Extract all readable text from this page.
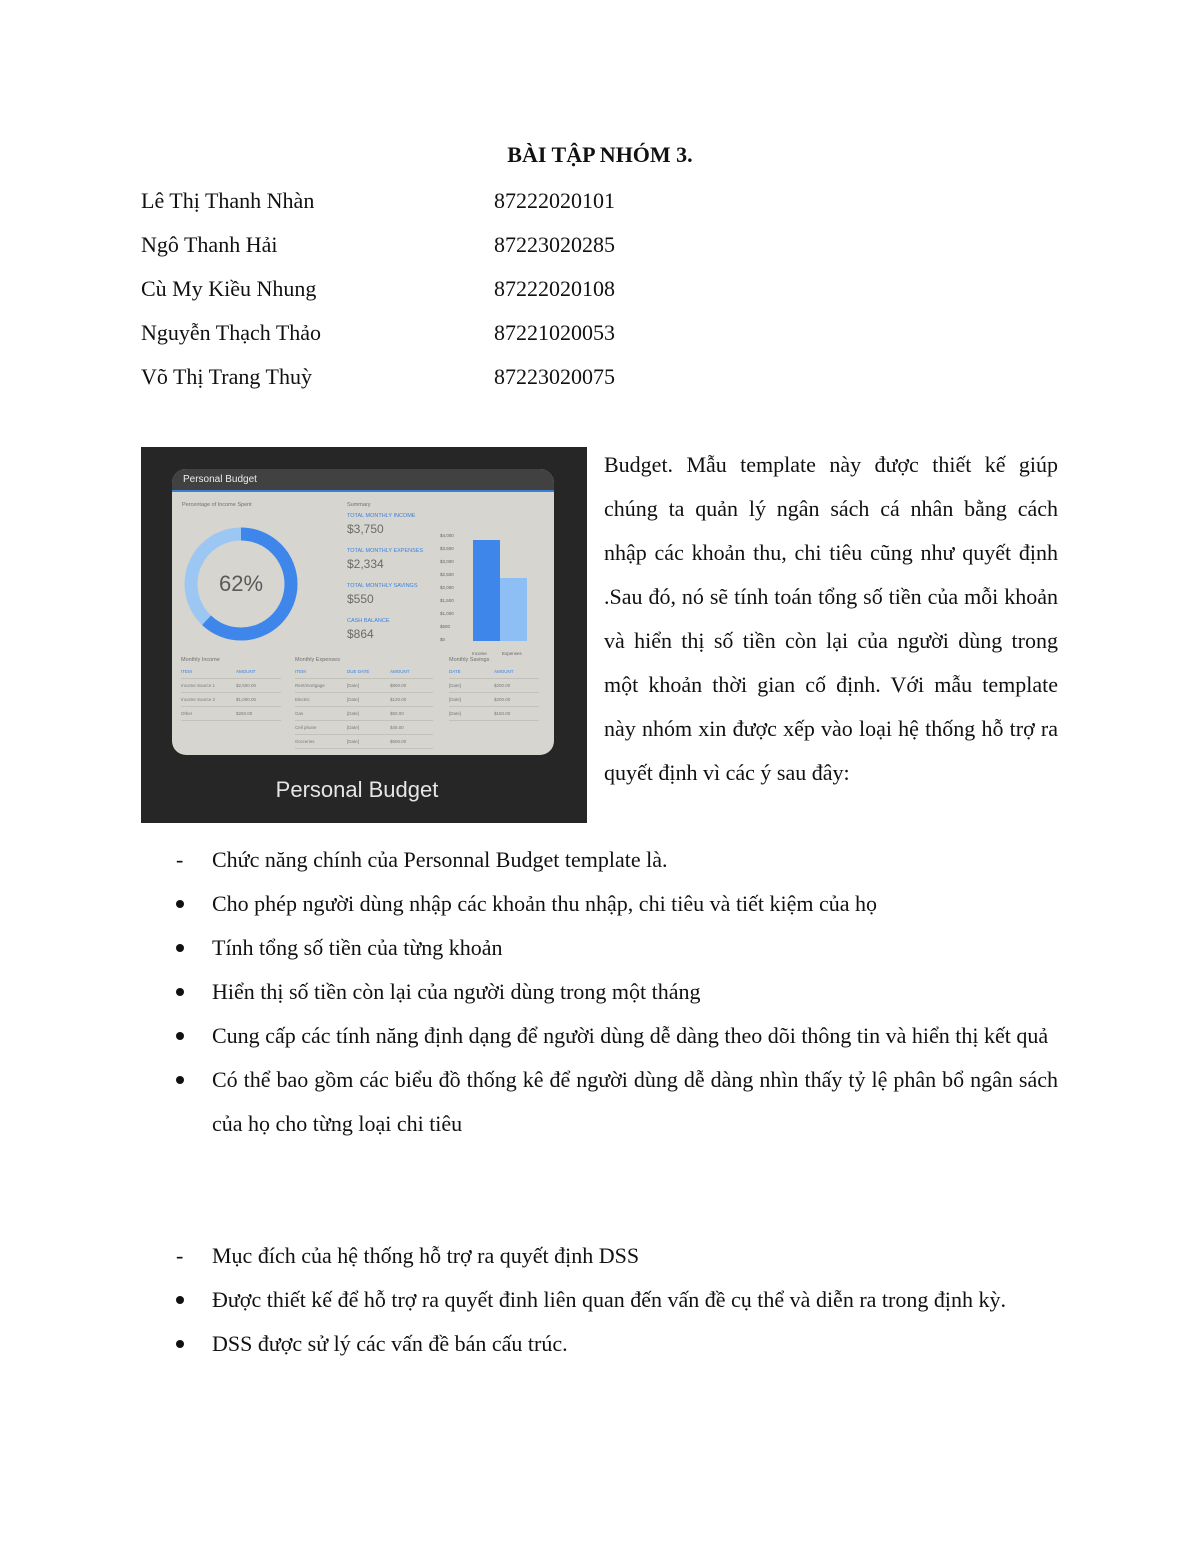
BÀI TẬP NHÓM 3.
Lê Thị Thanh Nhàn	87222020101
Ngô Thanh Hải	87223020285
Cù My Kiều Nhung	87222020108
Nguyễn Thạch Thảo	87221020053
Võ Thị Trang Thuỳ	87223020075
Personal Budget
Percentage of Income Spent
62%
Summary
TOTAL MONTHLY INCOME
$3,750
TOTAL MONTHLY EXPENSES
$2,334
TOTAL MONTHLY SAVINGS
$550
CASH BALANCE
$864
$4,000
$3,500
$3,000
$2,500
$2,000
$1,500
$1,000
$500
$0
Income	Expenses
Monthly Income
ITEM	AMOUNT
Income Source 1	$2,500.00
Income Source 2	$1,000.00
Other	$250.00
Monthly Expenses
ITEM	DUE DATE	AMOUNT
Rent/mortgage	[Date]	$800.00
Electric	[Date]	$120.00
Gas	[Date]	$50.00
Cell phone	[Date]	$45.00
Groceries	[Date]	$500.00
Monthly Savings
DATE	AMOUNT
[Date]	$200.00
[Date]	$200.00
[Date]	$150.00
Personal Budget
Budget. Mẫu template này được thiết kế giúp chúng ta quản lý ngân sách cá nhân bằng cách nhập các khoản thu, chi tiêu cũng như quyết định .Sau đó, nó sẽ tính toán tổng số tiền của mỗi khoản và hiển thị số tiền còn lại của người dùng trong một khoản thời gian cố định. Với mẫu template này nhóm xin được xếp vào loại hệ thống hỗ trợ ra quyết định vì các ý sau đây:
-	Chức năng chính của Personnal Budget template là.
Cho phép người dùng nhập các khoản thu nhập, chi tiêu và tiết kiệm của họ
Tính tổng số tiền của từng khoản
Hiển thị số tiền còn lại của người dùng trong một tháng
Cung cấp các tính năng định dạng để người dùng dễ dàng theo dõi thông tin và hiển thị kết quả
Có thể bao gồm các biểu đồ thống kê để người dùng dễ dàng nhìn thấy tỷ lệ phân bổ ngân sách của họ cho từng loại chi tiêu
-	Mục đích của hệ thống hỗ trợ ra quyết định DSS
Được thiết kế để hỗ trợ ra quyết đinh liên quan đến vấn đề cụ thể và diễn ra trong định kỳ.
DSS được sử lý các vấn đề bán cấu trúc.
